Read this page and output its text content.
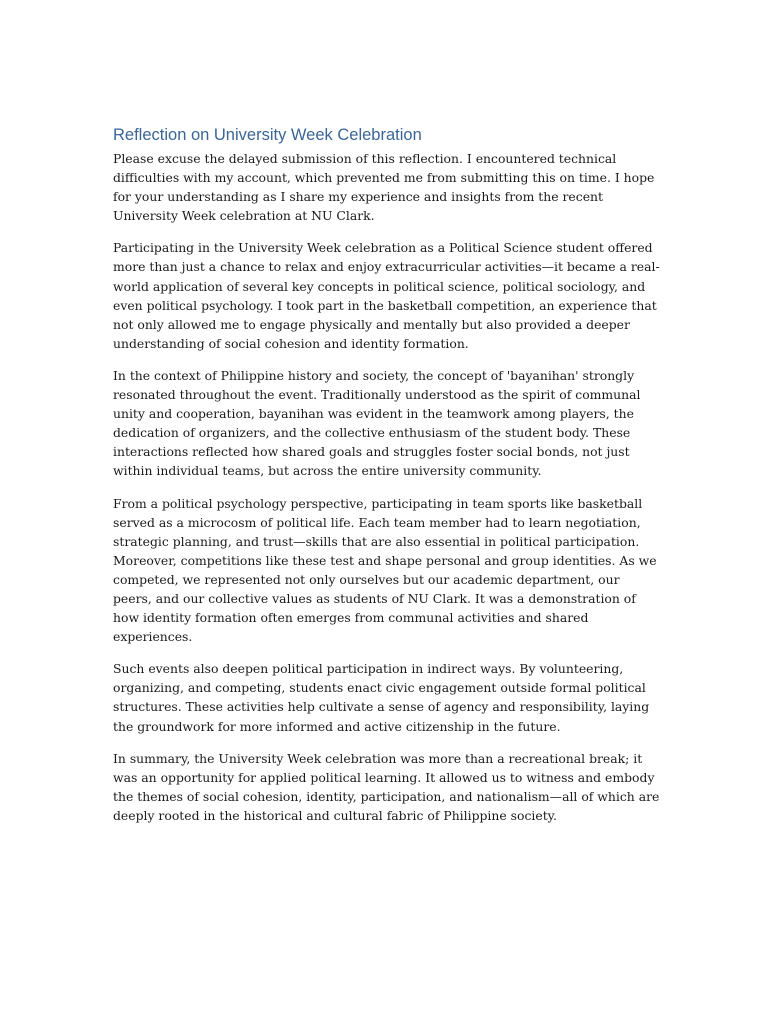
Reflection on University Week Celebration

Please excuse the delayed submission of this reflection. I encountered technical difficulties with my account, which prevented me from submitting this on time. I hope for your understanding as I share my experience and insights from the recent University Week celebration at NU Clark.

Participating in the University Week celebration as a Political Science student offered more than just a chance to relax and enjoy extracurricular activities—it became a real-world application of several key concepts in political science, political sociology, and even political psychology. I took part in the basketball competition, an experience that not only allowed me to engage physically and mentally but also provided a deeper understanding of social cohesion and identity formation.

In the context of Philippine history and society, the concept of 'bayanihan' strongly resonated throughout the event. Traditionally understood as the spirit of communal unity and cooperation, bayanihan was evident in the teamwork among players, the dedication of organizers, and the collective enthusiasm of the student body. These interactions reflected how shared goals and struggles foster social bonds, not just within individual teams, but across the entire university community.

From a political psychology perspective, participating in team sports like basketball served as a microcosm of political life. Each team member had to learn negotiation, strategic planning, and trust—skills that are also essential in political participation. Moreover, competitions like these test and shape personal and group identities. As we competed, we represented not only ourselves but our academic department, our peers, and our collective values as students of NU Clark. It was a demonstration of how identity formation often emerges from communal activities and shared experiences.

Such events also deepen political participation in indirect ways. By volunteering, organizing, and competing, students enact civic engagement outside formal political structures. These activities help cultivate a sense of agency and responsibility, laying the groundwork for more informed and active citizenship in the future.

In summary, the University Week celebration was more than a recreational break; it was an opportunity for applied political learning. It allowed us to witness and embody the themes of social cohesion, identity, participation, and nationalism—all of which are deeply rooted in the historical and cultural fabric of Philippine society.
